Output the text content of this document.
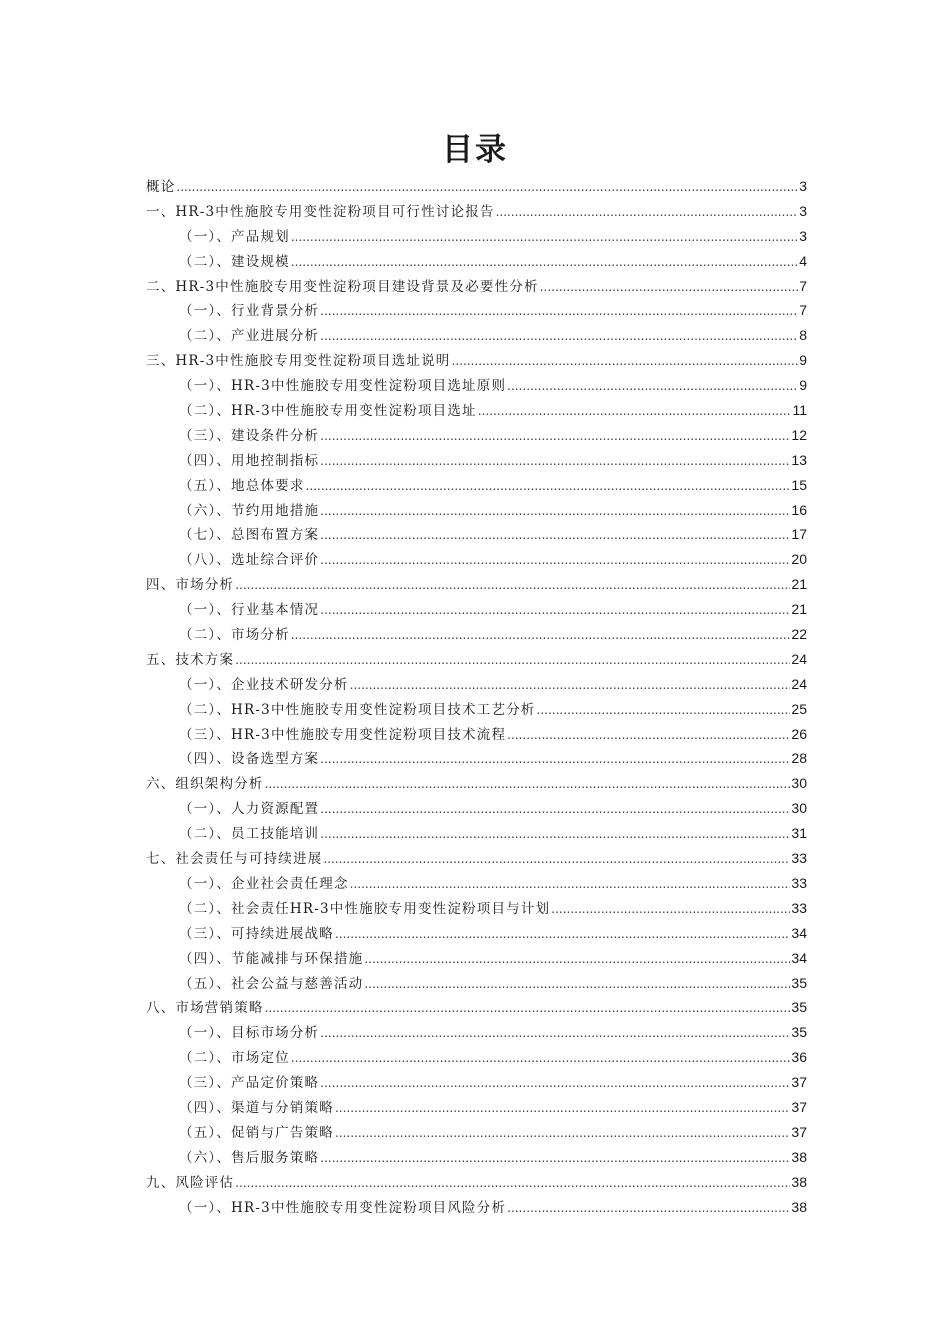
目录
概论 .....	3
一、HR-3中性施胶专用变性淀粉项目可行性讨论报告 .....	3
（一）、产品规划 .....	3
（二）、建设规模 .....	4
二、HR-3中性施胶专用变性淀粉项目建设背景及必要性分析 .....	7
（一）、行业背景分析 .....	7
（二）、产业进展分析 .....	8
三、HR-3中性施胶专用变性淀粉项目选址说明 .....	9
（一）、HR-3中性施胶专用变性淀粉项目选址原则 .....	9
（二）、HR-3中性施胶专用变性淀粉项目选址 .....	11
（三）、建设条件分析 .....	12
（四）、用地控制指标 .....	13
（五）、地总体要求 .....	15
（六）、节约用地措施 .....	16
（七）、总图布置方案 .....	17
（八）、选址综合评价 .....	20
四、市场分析 .....	21
（一）、行业基本情况 .....	21
（二）、市场分析 .....	22
五、技术方案 .....	24
（一）、企业技术研发分析 .....	24
（二）、HR-3中性施胶专用变性淀粉项目技术工艺分析 .....	25
（三）、HR-3中性施胶专用变性淀粉项目技术流程 .....	26
（四）、设备选型方案 .....	28
六、组织架构分析 .....	30
（一）、人力资源配置 .....	30
（二）、员工技能培训 .....	31
七、社会责任与可持续进展 .....	33
（一）、企业社会责任理念 .....	33
（二）、社会责任HR-3中性施胶专用变性淀粉项目与计划 .....	33
（三）、可持续进展战略 .....	34
（四）、节能减排与环保措施 .....	34
（五）、社会公益与慈善活动 .....	35
八、市场营销策略 .....	35
（一）、目标市场分析 .....	35
（二）、市场定位 .....	36
（三）、产品定价策略 .....	37
（四）、渠道与分销策略 .....	37
（五）、促销与广告策略 .....	37
（六）、售后服务策略 .....	38
九、风险评估 .....	38
（一）、HR-3中性施胶专用变性淀粉项目风险分析 .....	38
